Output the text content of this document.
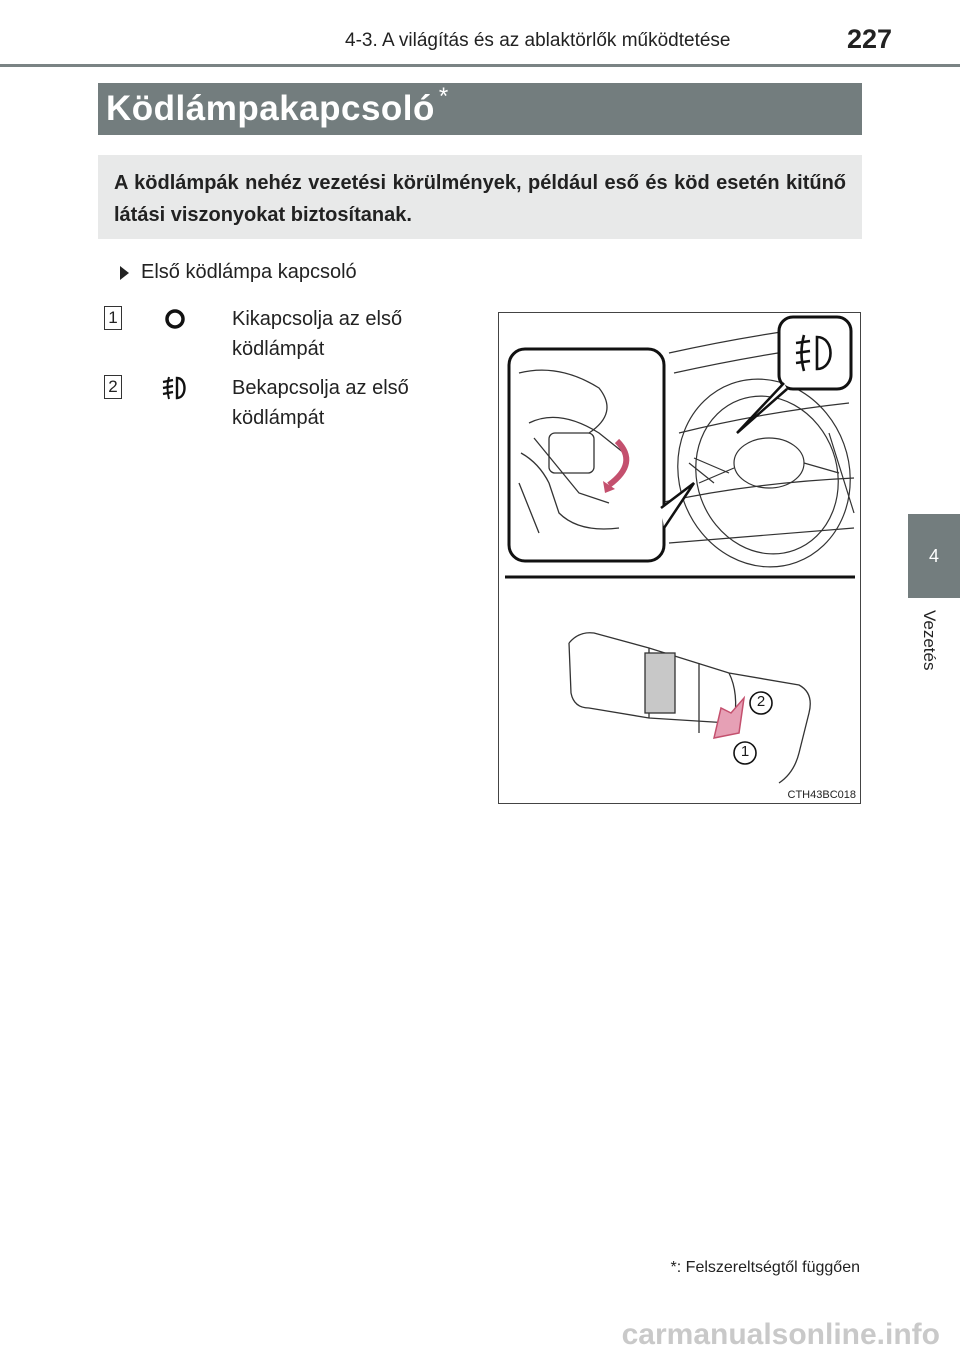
4-3. A világítás és az ablaktörlők működtetése	227
Ködlámpakapcsoló *

A ködlámpák nehéz vezetési körülmények, például eső és köd esetén kitűnő látási viszonyokat biztosítanak.

Első ködlámpa kapcsoló
1	Kikapcsolja az első ködlámpát
2	Bekapcsolja az első ködlámpát
2
1
CTH43BC018
4
Vezetés
*: Felszereltségtől függően
carmanualsonline.info
